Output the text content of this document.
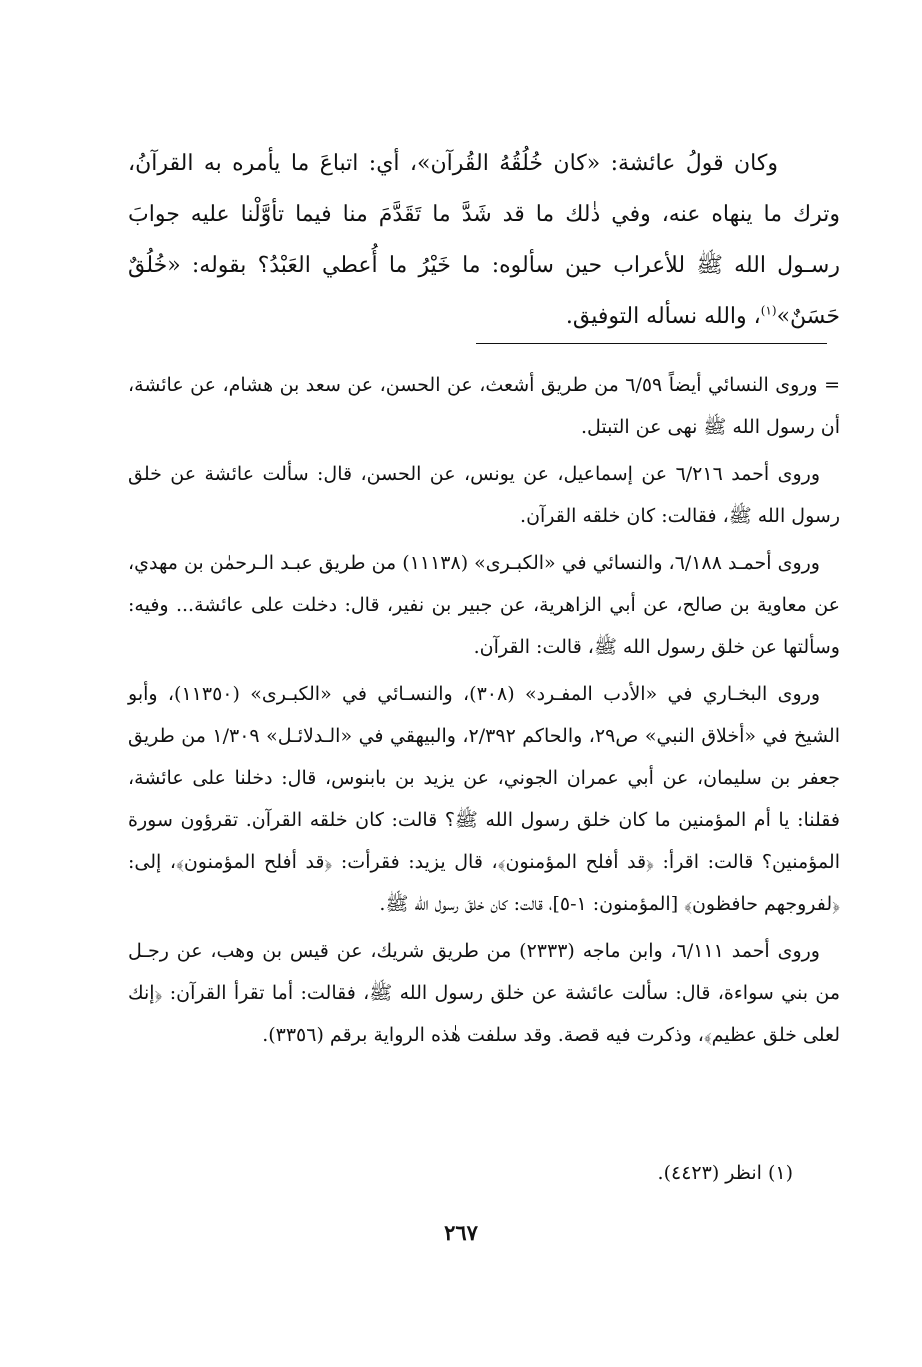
وكان قولُ عائشة: «كان خُلُقُهُ القُرآن»، أي: اتباعَ ما يأمره به القرآنُ، وترك ما ينهاه عنه، وفي ذٰلك ما قد شَدَّ ما تَقَدَّمَ منا فيما تأوَّلْنا عليه جوابَ رسـول الله ﷺ للأعراب حين سألوه: ما خَيْرُ ما أُعطي العَبْدُ؟ بقوله: «خُلُقٌ حَسَنٌ»$^{(١)}$، والله نسأله التوفيق.

= وروى النسائي أيضاً ٦/٥٩ من طريق أشعث، عن الحسن، عن سعد بن هشام، عن عائشة، أن رسول الله ﷺ نهى عن التبتل.

وروى أحمد ٦/٢١٦ عن إسماعيل، عن يونس، عن الحسن، قال: سألت عائشة عن خلق رسول الله ﷺ، فقالت: كان خلقه القرآن.

وروى أحمـد ٦/١٨٨، والنسائي في «الكبـرى» (١١١٣٨) من طريق عبـد الـرحمٰن بن مهدي، عن معاوية بن صالح، عن أبي الزاهرية، عن جبير بن نفير، قال: دخلت على عائشة... وفيه: وسألتها عن خلق رسول الله ﷺ، قالت: القرآن.

وروى البخـاري في «الأدب المفـرد» (٣٠٨)، والنسـائي في «الكبـرى» (١١٣٥٠)، وأبو الشيخ في «أخلاق النبي» ص٢٩، والحاكم ٢/٣٩٢، والبيهقي في «الـدلائـل» ١/٣٠٩ من طريق جعفر بن سليمان، عن أبي عمران الجوني، عن يزيد بن بابنوس، قال: دخلنا على عائشة، فقلنا: يا أم المؤمنين ما كان خلق رسول الله ﷺ؟ قالت: كان خلقه القرآن. تقرؤون سورة المؤمنين؟ قالت: اقرأ: ﴿قد أفلح المؤمنون﴾، قال يزيد: فقرأت: ﴿قد أفلح المؤمنون﴾، إلى: ﴿لفروجهم حافظون﴾ [المؤمنون: ١-٥]، قالت: كان خلقَ رسول الله ﷺ.

وروى أحمد ٦/١١١، وابن ماجه (٢٣٣٣) من طريق شريك، عن قيس بن وهب، عن رجـل من بني سواءة، قال: سألت عائشة عن خلق رسول الله ﷺ، فقالت: أما تقرأ القرآن: ﴿إنك لعلى خلق عظيم﴾، وذكرت فيه قصة. وقد سلفت هٰذه الرواية برقم (٣٣٥٦).

(١) انظر (٤٤٢٣).
٢٦٧
